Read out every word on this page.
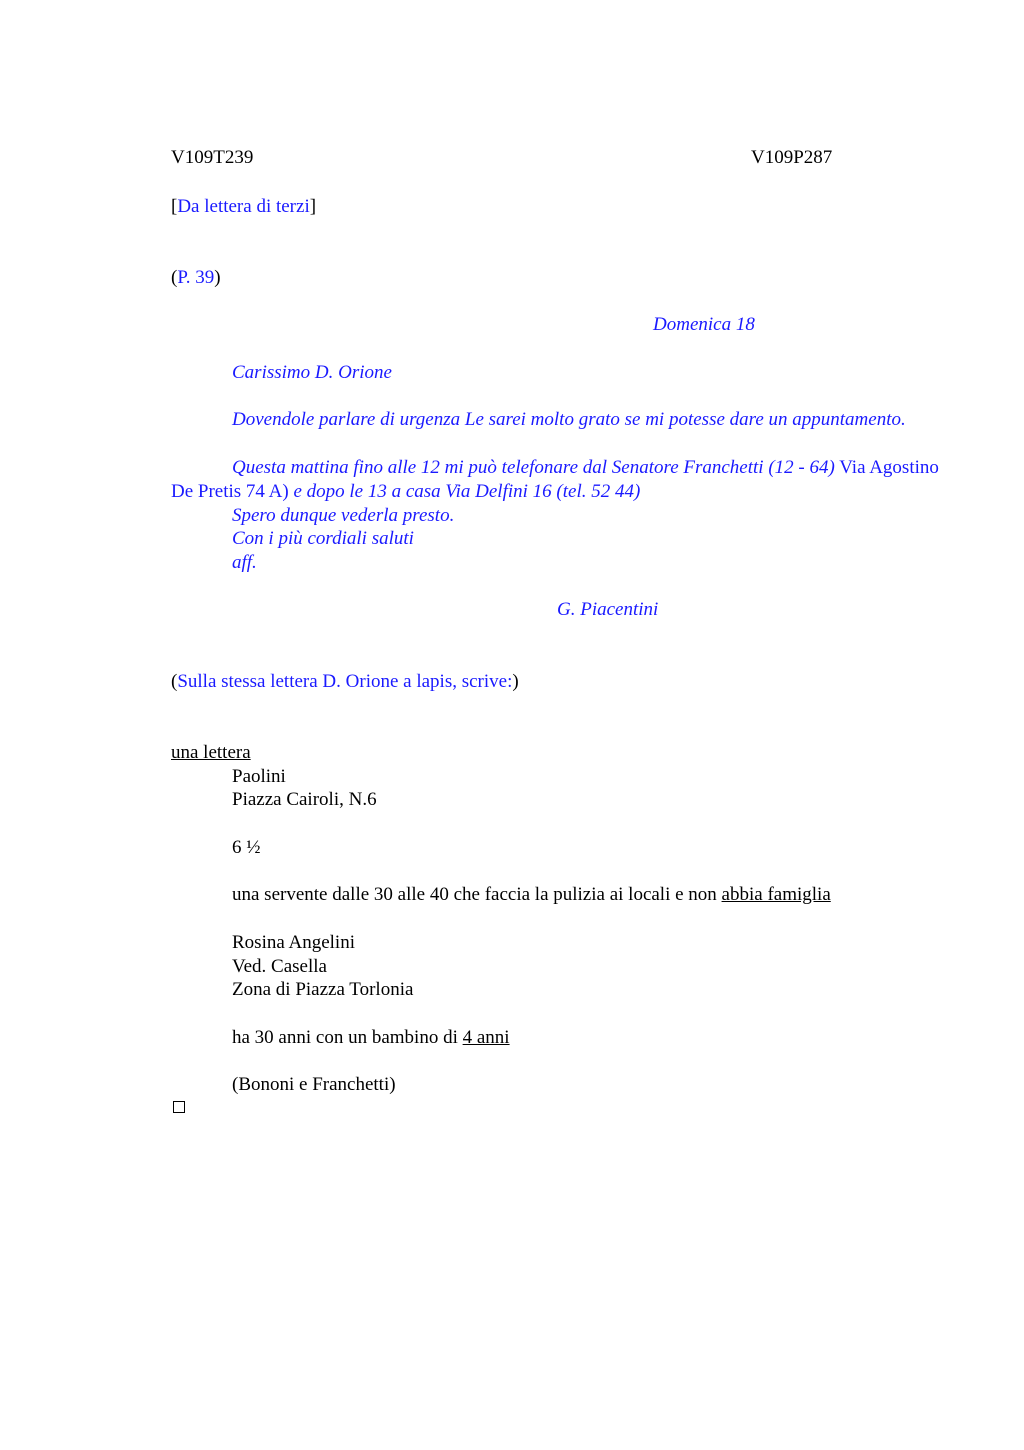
V109T239	V109P287
[Da lettera di terzi]
(P. 39)
Domenica 18
Carissimo D. Orione
Dovendole parlare di urgenza Le sarei molto grato se mi potesse dare un appuntamento.
Questa mattina fino alle 12 mi può telefonare dal Senatore Franchetti (12 - 64) Via Agostino De Pretis 74 A) e dopo le 13 a casa Via Delfini 16 (tel. 52 44)
Spero dunque vederla presto.
Con i più cordiali saluti
aff.
G. Piacentini
(Sulla stessa lettera D. Orione a lapis, scrive:)
una lettera
Paolini
Piazza Cairoli, N.6
6 ½
una servente dalle 30 alle 40 che faccia la pulizia ai locali e non abbia famiglia
Rosina Angelini
Ved. Casella
Zona di Piazza Torlonia
ha 30 anni con un bambino di 4 anni
(Bononi e Franchetti)
